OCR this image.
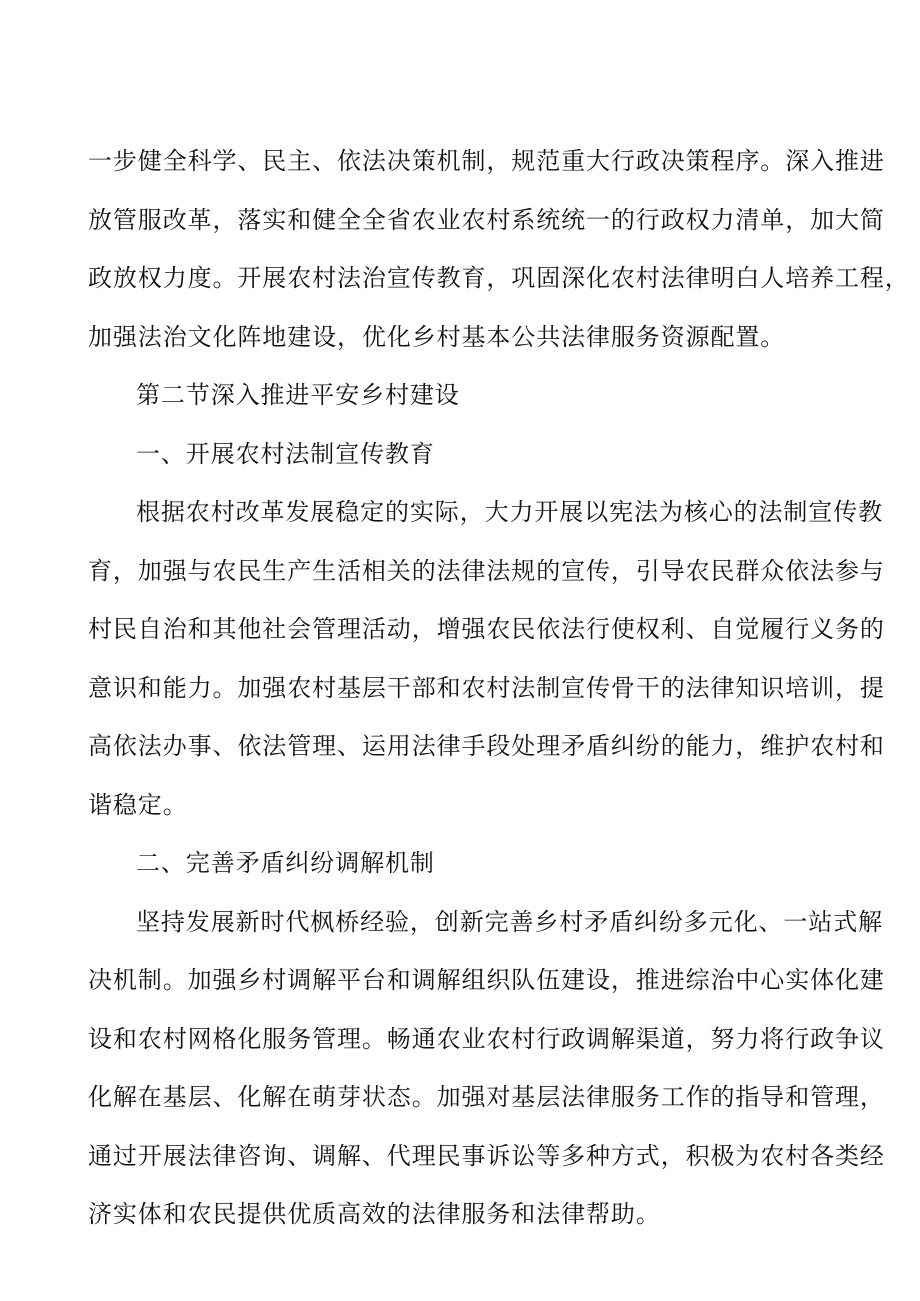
一步健全科学、民主、依法决策机制，规范重大行政决策程序。深入推进
放管服改革，落实和健全全省农业农村系统统一的行政权力清单，加大简
政放权力度。开展农村法治宣传教育，巩固深化农村法律明白人培养工程，
加强法治文化阵地建设，优化乡村基本公共法律服务资源配置。
第二节深入推进平安乡村建设
一、开展农村法制宣传教育
根据农村改革发展稳定的实际，大力开展以宪法为核心的法制宣传教
育，加强与农民生产生活相关的法律法规的宣传，引导农民群众依法参与
村民自治和其他社会管理活动，增强农民依法行使权利、自觉履行义务的
意识和能力。加强农村基层干部和农村法制宣传骨干的法律知识培训，提
高依法办事、依法管理、运用法律手段处理矛盾纠纷的能力，维护农村和
谐稳定。
二、完善矛盾纠纷调解机制
坚持发展新时代枫桥经验，创新完善乡村矛盾纠纷多元化、一站式解
决机制。加强乡村调解平台和调解组织队伍建设，推进综治中心实体化建
设和农村网格化服务管理。畅通农业农村行政调解渠道，努力将行政争议
化解在基层、化解在萌芽状态。加强对基层法律服务工作的指导和管理，
通过开展法律咨询、调解、代理民事诉讼等多种方式，积极为农村各类经
济实体和农民提供优质高效的法律服务和法律帮助。
